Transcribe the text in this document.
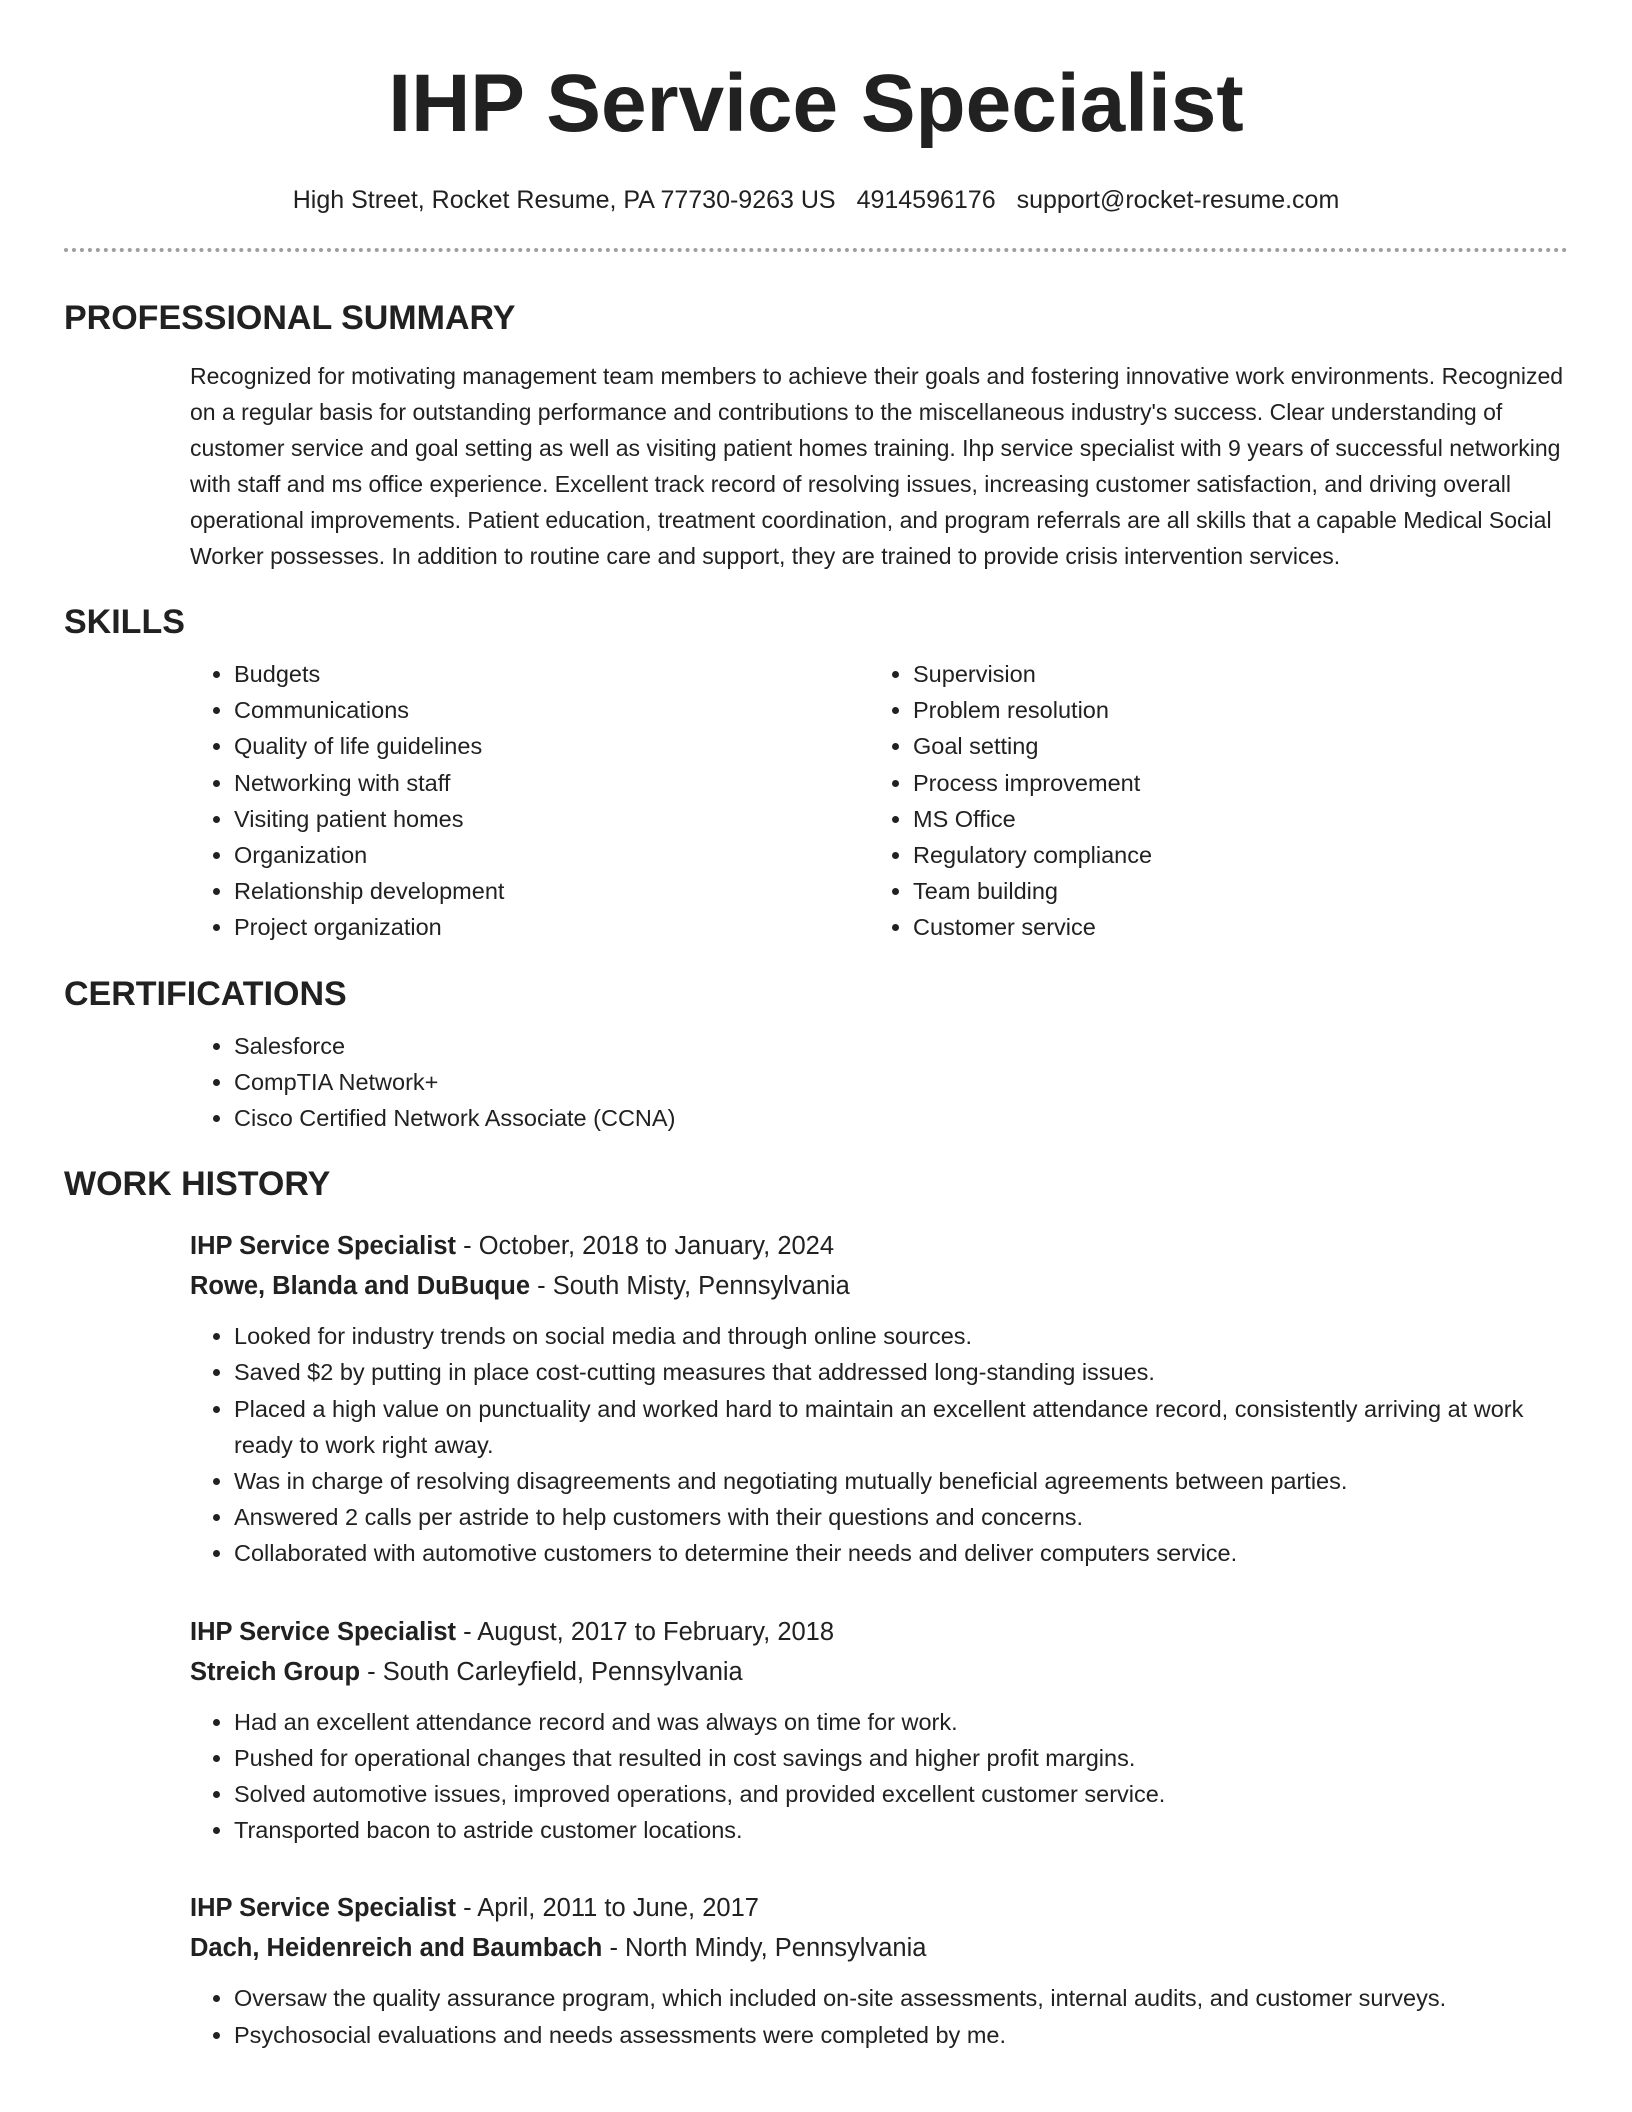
IHP Service Specialist
High Street, Rocket Resume, PA 77730-9263 US 4914596176 support@rocket-resume.com
PROFESSIONAL SUMMARY

Recognized for motivating management team members to achieve their goals and fostering innovative work environments. Recognized on a regular basis for outstanding performance and contributions to the miscellaneous industry's success. Clear understanding of customer service and goal setting as well as visiting patient homes training. Ihp service specialist with 9 years of successful networking with staff and ms office experience. Excellent track record of resolving issues, increasing customer satisfaction, and driving overall operational improvements. Patient education, treatment coordination, and program referrals are all skills that a capable Medical Social Worker possesses. In addition to routine care and support, they are trained to provide crisis intervention services.

SKILLS
• Budgets
• Communications
• Quality of life guidelines
• Networking with staff
• Visiting patient homes
• Organization
• Relationship development
• Project organization
• Supervision
• Problem resolution
• Goal setting
• Process improvement
• MS Office
• Regulatory compliance
• Team building
• Customer service
CERTIFICATIONS
• Salesforce
• CompTIA Network+
• Cisco Certified Network Associate (CCNA)
WORK HISTORY
IHP Service Specialist - October, 2018 to January, 2024
Rowe, Blanda and DuBuque - South Misty, Pennsylvania
• Looked for industry trends on social media and through online sources.
• Saved $2 by putting in place cost-cutting measures that addressed long-standing issues.
• Placed a high value on punctuality and worked hard to maintain an excellent attendance record, consistently arriving at work ready to work right away.
• Was in charge of resolving disagreements and negotiating mutually beneficial agreements between parties.
• Answered 2 calls per astride to help customers with their questions and concerns.
• Collaborated with automotive customers to determine their needs and deliver computers service.
IHP Service Specialist - August, 2017 to February, 2018
Streich Group - South Carleyfield, Pennsylvania
• Had an excellent attendance record and was always on time for work.
• Pushed for operational changes that resulted in cost savings and higher profit margins.
• Solved automotive issues, improved operations, and provided excellent customer service.
• Transported bacon to astride customer locations.
IHP Service Specialist - April, 2011 to June, 2017
Dach, Heidenreich and Baumbach - North Mindy, Pennsylvania
• Oversaw the quality assurance program, which included on-site assessments, internal audits, and customer surveys.
• Psychosocial evaluations and needs assessments were completed by me.
